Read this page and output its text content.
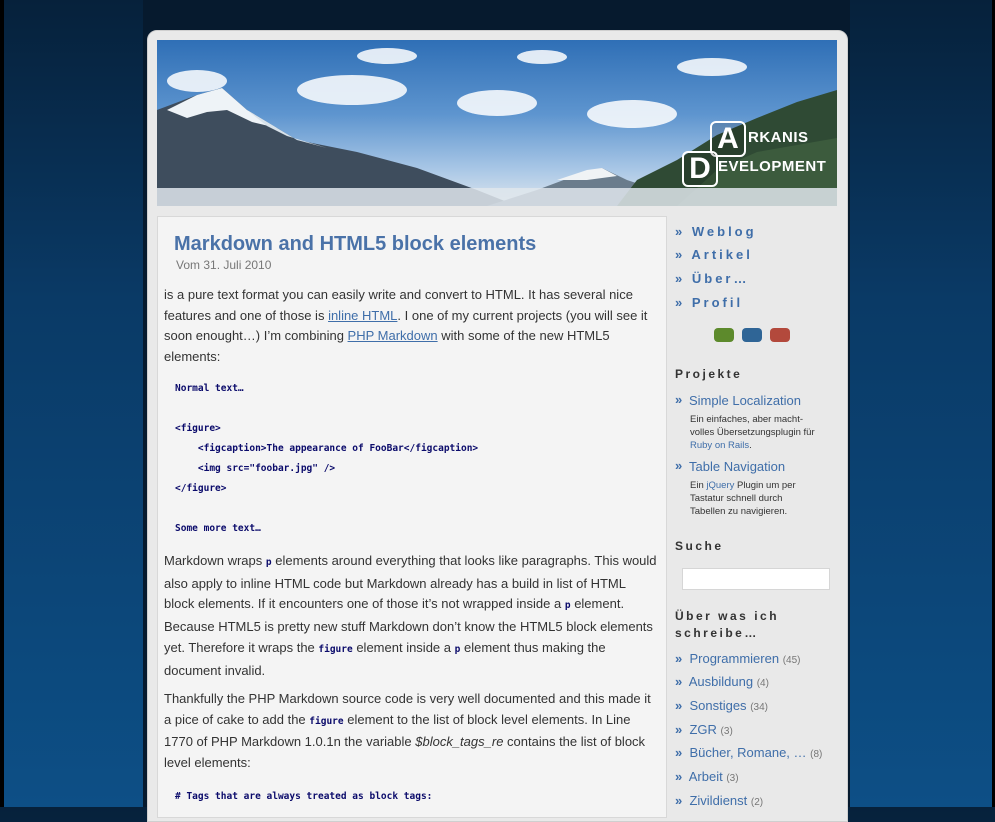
A
D
RKANIS
EVELOPMENT
Markdown and HTML5 block elements
Vom 31. Juli 2010
is a pure text format you can easily write and convert to HTML. It has several nice features and one of those is inline HTML. I one of my current projects (you will see it soon enought…) I’m combining PHP Markdown with some of the new HTML5 elements:
Normal text…
<figure>
<figcaption>The appearance of FooBar</figcaption>
<img src="foobar.jpg" />
</figure>
Some more text…
Markdown wraps p elements around everything that looks like paragraphs. This would also apply to inline HTML code but Markdown already has a build in list of HTML block elements. If it encounters one of those it’s not wrapped inside a p element. Because HTML5 is pretty new stuff Markdown don’t know the HTML5 block elements yet. Therefore it wraps the figure element inside a p element thus making the document invalid.
Thankfully the PHP Markdown source code is very well documented and this made it a pice of cake to add the figure element to the list of block level elements. In Line 1770 of PHP Markdown 1.0.1n the variable $block_tags_re contains the list of block level elements:
# Tags that are always treated as block tags:
» Weblog
» Artikel
» Über…
» Profil
Projekte
» Simple Localization
Ein einfaches, aber macht-
volles Übersetzungsplugin für
Ruby on Rails.
» Table Navigation
Ein jQuery Plugin um per
Tastatur schnell durch
Tabellen zu navigieren.
Suche
Über was ich
schreibe…
» Programmieren (45)
» Ausbildung (4)
» Sonstiges (34)
» ZGR (3)
» Bücher, Romane, … (8)
» Arbeit (3)
» Zivildienst (2)
